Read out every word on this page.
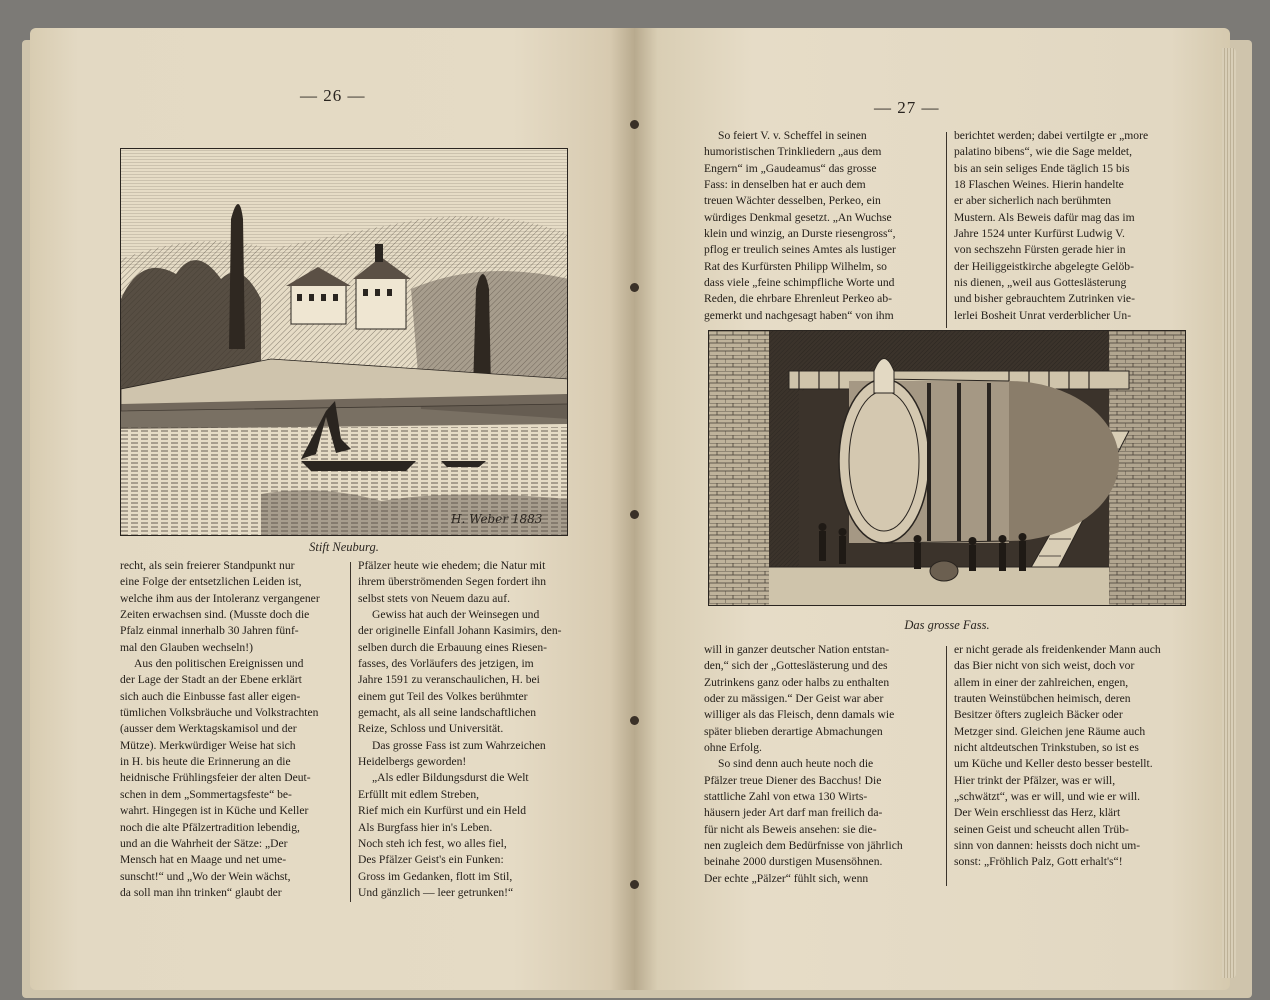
— 26 —
H. Weber 1883
Stift Neuburg.

recht, als sein freierer Standpunkt nur

eine Folge der entsetzlichen Leiden ist,

welche ihm aus der Intoleranz vergangener

Zeiten erwachsen sind. (Musste doch die

Pfalz einmal innerhalb 30 Jahren fünf-

mal den Glauben wechseln!)

Aus den politischen Ereignissen und

der Lage der Stadt an der Ebene erklärt

sich auch die Einbusse fast aller eigen-

tümlichen Volksbräuche und Volkstrachten

(ausser dem Werktagskamisol und der

Mütze). Merkwürdiger Weise hat sich

in H. bis heute die Erinnerung an die

heidnische Frühlingsfeier der alten Deut-

schen in dem „Sommertagsfeste“ be-

wahrt. Hingegen ist in Küche und Keller

noch die alte Pfälzertradition lebendig,

und an die Wahrheit der Sätze: „Der

Mensch hat en Maage und net ume-

sunscht!“ und „Wo der Wein wächst,

da soll man ihn trinken“ glaubt der

Pfälzer heute wie ehedem; die Natur mit

ihrem überströmenden Segen fordert ihn

selbst stets von Neuem dazu auf.

Gewiss hat auch der Weinsegen und

der originelle Einfall Johann Kasimirs, den-

selben durch die Erbauung eines Riesen-

fasses, des Vorläufers des jetzigen, im

Jahre 1591 zu veranschaulichen, H. bei

einem gut Teil des Volkes berühmter

gemacht, als all seine landschaftlichen

Reize, Schloss und Universität.

Das grosse Fass ist zum Wahrzeichen

Heidelbergs geworden!

„Als edler Bildungsdurst die Welt

Erfüllt mit edlem Streben,

Rief mich ein Kurfürst und ein Held

Als Burgfass hier in's Leben.

Noch steh ich fest, wo alles fiel,

Des Pfälzer Geist's ein Funken:

Gross im Gedanken, flott im Stil,

Und gänzlich — leer getrunken!“

— 27 —

So feiert V. v. Scheffel in seinen

humoristischen Trinkliedern „aus dem

Engern“ im „Gaudeamus“ das grosse

Fass: in denselben hat er auch dem

treuen Wächter desselben, Perkeo, ein

würdiges Denkmal gesetzt. „An Wuchse

klein und winzig, an Durste riesengross“,

pflog er treulich seines Amtes als lustiger

Rat des Kurfürsten Philipp Wilhelm, so

dass viele „feine schimpfliche Worte und

Reden, die ehrbare Ehrenleut Perkeo ab-

gemerkt und nachgesagt haben“ von ihm

berichtet werden; dabei vertilgte er „more

palatino bibens“, wie die Sage meldet,

bis an sein seliges Ende täglich 15 bis

18 Flaschen Weines. Hierin handelte

er aber sicherlich nach berühmten

Mustern. Als Beweis dafür mag das im

Jahre 1524 unter Kurfürst Ludwig V.

von sechszehn Fürsten gerade hier in

der Heiliggeistkirche abgelegte Gelöb-

nis dienen, „weil aus Gotteslästerung

und bisher gebrauchtem Zutrinken vie-

lerlei Bosheit Unrat verderblicher Un-

Das grosse Fass.

will in ganzer deutscher Nation entstan-

den,“ sich der „Gotteslästerung und des

Zutrinkens ganz oder halbs zu enthalten

oder zu mässigen.“ Der Geist war aber

williger als das Fleisch, denn damals wie

später blieben derartige Abmachungen

ohne Erfolg.

So sind denn auch heute noch die

Pfälzer treue Diener des Bacchus! Die

stattliche Zahl von etwa 130 Wirts-

häusern jeder Art darf man freilich da-

für nicht als Beweis ansehen: sie die-

nen zugleich dem Bedürfnisse von jährlich

beinahe 2000 durstigen Musensöhnen.

Der echte „Pälzer“ fühlt sich, wenn

er nicht gerade als freidenkender Mann auch

das Bier nicht von sich weist, doch vor

allem in einer der zahlreichen, engen,

trauten Weinstübchen heimisch, deren

Besitzer öfters zugleich Bäcker oder

Metzger sind. Gleichen jene Räume auch

nicht altdeutschen Trinkstuben, so ist es

um Küche und Keller desto besser bestellt.

Hier trinkt der Pfälzer, was er will,

„schwätzt“, was er will, und wie er will.

Der Wein erschliesst das Herz, klärt

seinen Geist und scheucht allen Trüb-

sinn von dannen: heissts doch nicht um-

sonst: „Fröhlich Palz, Gott erhalt's“!
